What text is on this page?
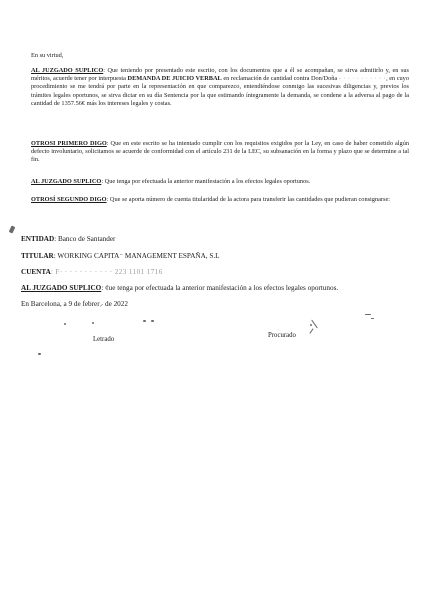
En su virtud,

AL JUZGADO SUPLICO: Que teniendo por presentado este escrito, con los documentos que a él se acompañan, se sirva admitirlo y, en sus méritos, acuerde tener por interpuesta DEMANDA DE JUICIO VERBAL en reclamación de cantidad contra Don/Doña - · · · · · · · · · ·, en cuyo procedimiento se me tendrá por parte en la representación en que comparezco, entendiéndose conmigo las sucesivas diligencias y, previos los trámites legales oportunos, se sirva dictar en su día Sentencia por la que estimando íntegramente la demanda, se condene a la adversa al pago de la cantidad de 1357.56€ más los intereses legales y costas.

OTROSI PRIMERO DIGO: Que en este escrito se ha intentado cumplir con los requisitos exigidos por la Ley, en caso de haber cometido algún defecto involuntario, solicitamos se acuerde de conformidad con el artículo 231 de la LEC, su subsanación en la forma y plazo que se determine a tal fin.

AL JUZGADO SUPLICO: Que tenga por efectuada la anterior manifestación a los efectos legales oportunos.

OTROSÍ SEGUNDO DIGO: Que se aporta número de cuenta titularidad de la actora para transferir las cantidades que pudieran consignarse:

ENTIDAD: Banco de Santander

TITULAR: WORKING CAPITA⁻ MANAGEMENT ESPAÑA, S.L

CUENTA: F· · · · · · · · · · · 223 1101 1716

AL JUZGADO SUPLICO: ¢ue tenga por efectuada la anterior manifestación a los efectos legales oportunos.

En Barcelona, a 9 de febrer⸝ de 2022

Letrado
Procurado
